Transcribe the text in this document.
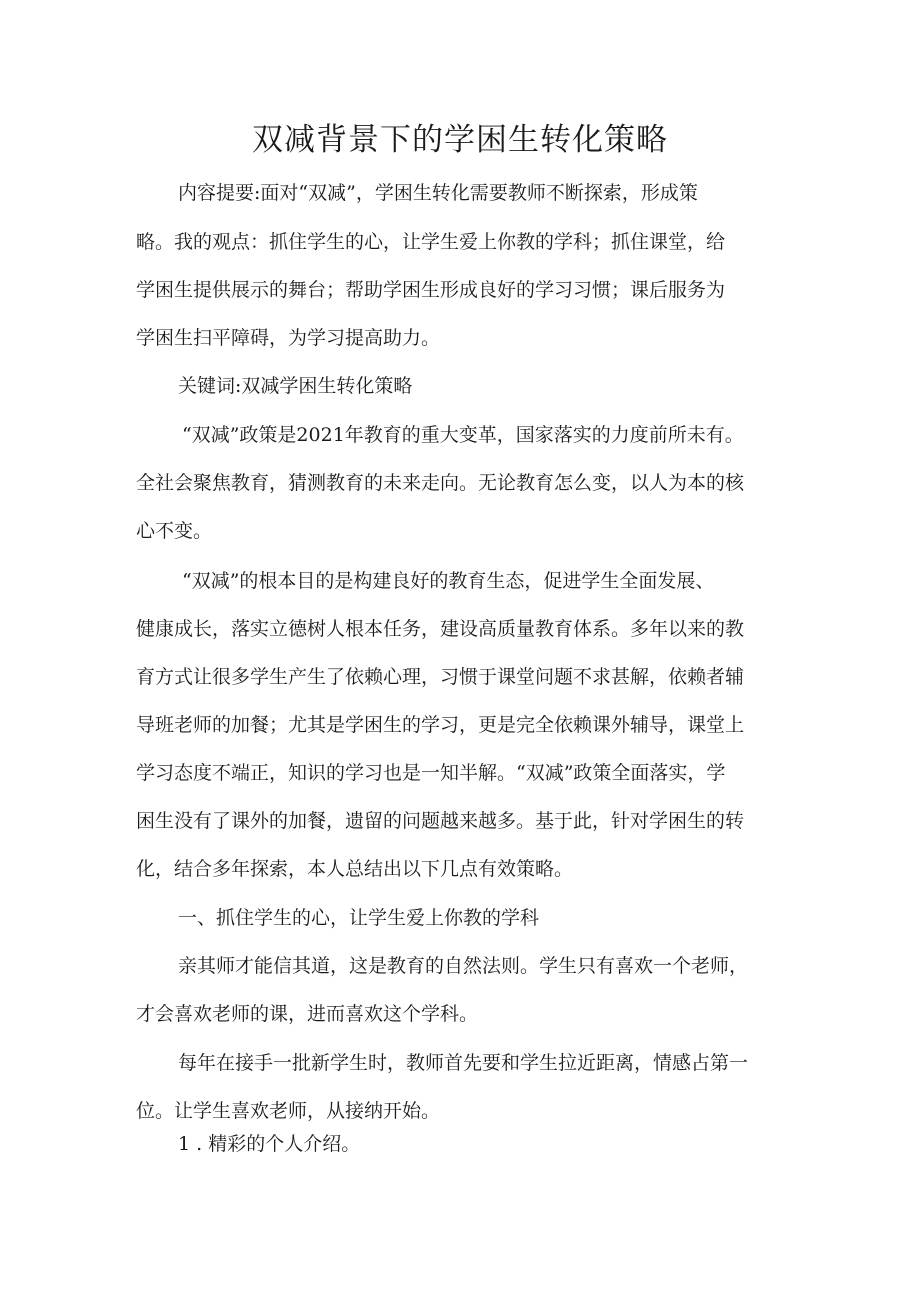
双减背景下的学困生转化策略
内容提要:面对“双减”，学困生转化需要教师不断探索，形成策
略。我的观点：抓住学生的心，让学生爱上你教的学科；抓住课堂，给
学困生提供展示的舞台；帮助学困生形成良好的学习习惯；课后服务为
学困生扫平障碍，为学习提高助力。
关键词:双减学困生转化策略
“双减”政策是2021年教育的重大变革，国家落实的力度前所未有。
全社会聚焦教育，猜测教育的未来走向。无论教育怎么变，以人为本的核
心不变。
“双减”的根本目的是构建良好的教育生态，促进学生全面发展、
健康成长，落实立德树人根本任务，建设高质量教育体系。多年以来的教
育方式让很多学生产生了依赖心理，习惯于课堂问题不求甚解，依赖者辅
导班老师的加餐；尤其是学困生的学习，更是完全依赖课外辅导，课堂上
学习态度不端正，知识的学习也是一知半解。“双减”政策全面落实，学
困生没有了课外的加餐，遗留的问题越来越多。基于此，针对学困生的转
化，结合多年探索，本人总结出以下几点有效策略。
一、抓住学生的心，让学生爱上你教的学科
亲其师才能信其道，这是教育的自然法则。学生只有喜欢一个老师，
才会喜欢老师的课，进而喜欢这个学科。
每年在接手一批新学生时，教师首先要和学生拉近距离，情感占第一
位。让学生喜欢老师，从接纳开始。
1 . 精彩的个人介绍。
